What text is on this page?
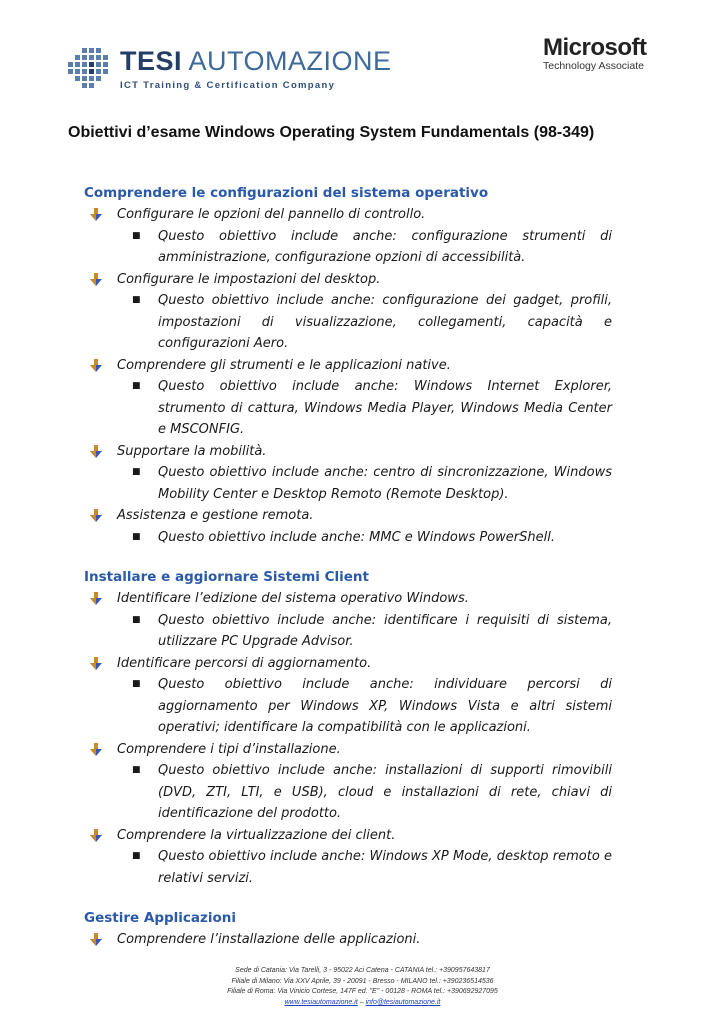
TESI AUTOMAZIONE
ICT Training & Certification Company
Microsoft
Technology Associate
Obiettivi d’esame Windows Operating System Fundamentals (98-349)
Comprendere le configurazioni del sistema operativo
Configurare le opzioni del pannello di controllo.
■	Questo obiettivo include anche: configurazione strumenti di amministrazione, configurazione opzioni di accessibilità.
Configurare le impostazioni del desktop.
■	Questo obiettivo include anche: configurazione dei gadget, profili, impostazioni di visualizzazione, collegamenti, capacità e configurazioni Aero.
Comprendere gli strumenti e le applicazioni native.
■	Questo obiettivo include anche: Windows Internet Explorer, strumento di cattura, Windows Media Player, Windows Media Center e MSCONFIG.
Supportare la mobilità.
■	Questo obiettivo include anche: centro di sincronizzazione, Windows Mobility Center e Desktop Remoto (Remote Desktop).
Assistenza e gestione remota.
■	Questo obiettivo include anche: MMC e Windows PowerShell.
Installare e aggiornare Sistemi Client
Identificare l’edizione del sistema operativo Windows.
■	Questo obiettivo include anche: identificare i requisiti di sistema, utilizzare PC Upgrade Advisor.
Identificare percorsi di aggiornamento.
■	Questo obiettivo include anche: individuare percorsi di aggiornamento per Windows XP, Windows Vista e altri sistemi operativi; identificare la compatibilità con le applicazioni.
Comprendere i tipi d’installazione.
■	Questo obiettivo include anche: installazioni di supporti rimovibili (DVD, ZTI, LTI, e USB), cloud e installazioni di rete, chiavi di identificazione del prodotto.
Comprendere la virtualizzazione dei client.
■	Questo obiettivo include anche: Windows XP Mode, desktop remoto e relativi servizi.
Gestire Applicazioni
Comprendere l’installazione delle applicazioni.
Sede di Catania: Via Tarelli, 3 - 95022 Aci Catena - CATANIA tel.: +390957643817
Filiale di Milano: Via XXV Aprile, 39 - 20091 - Bresso - MILANO tel.: +390236514536
Filiale di Roma: Via Vinicio Cortese, 147F ed. "E" - 00128 - ROMA tel.: +390692927095
www.tesiautomazione.it – info@tesiautomazione.it
